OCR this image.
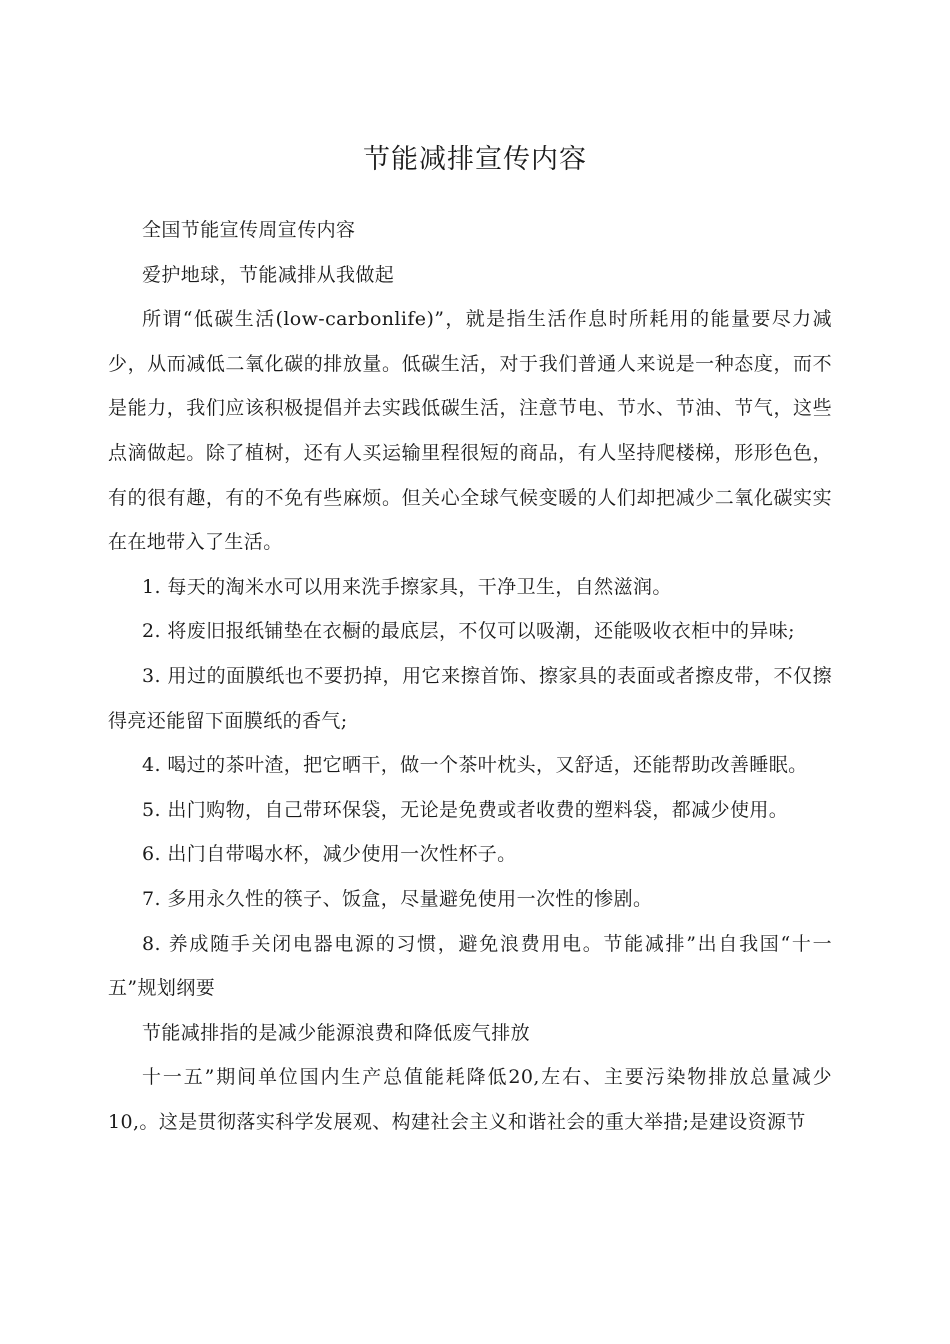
节能减排宣传内容

全国节能宣传周宣传内容

爱护地球，节能减排从我做起

所谓“低碳生活(low-carbonlife)”，就是指生活作息时所耗用的能量要尽力减少，从而减低二氧化碳的排放量。低碳生活，对于我们普通人来说是一种态度，而不是能力，我们应该积极提倡并去实践低碳生活，注意节电、节水、节油、节气，这些点滴做起。除了植树，还有人买运输里程很短的商品，有人坚持爬楼梯，形形色色，有的很有趣，有的不免有些麻烦。但关心全球气候变暖的人们却把减少二氧化碳实实在在地带入了生活。

1. 每天的淘米水可以用来洗手擦家具，干净卫生，自然滋润。

2. 将废旧报纸铺垫在衣橱的最底层，不仅可以吸潮，还能吸收衣柜中的异味;

3. 用过的面膜纸也不要扔掉，用它来擦首饰、擦家具的表面或者擦皮带，不仅擦得亮还能留下面膜纸的香气;

4. 喝过的茶叶渣，把它晒干，做一个茶叶枕头，又舒适，还能帮助改善睡眠。

5. 出门购物，自己带环保袋，无论是免费或者收费的塑料袋，都减少使用。

6. 出门自带喝水杯，减少使用一次性杯子。

7. 多用永久性的筷子、饭盒，尽量避免使用一次性的惨剧。

8. 养成随手关闭电器电源的习惯，避免浪费用电。节能减排”出自我国“十一五”规划纲要

节能减排指的是减少能源浪费和降低废气排放

十一五”期间单位国内生产总值能耗降低20,左右、主要污染物排放总量减少10,。这是贯彻落实科学发展观、构建社会主义和谐社会的重大举措;是建设资源节
